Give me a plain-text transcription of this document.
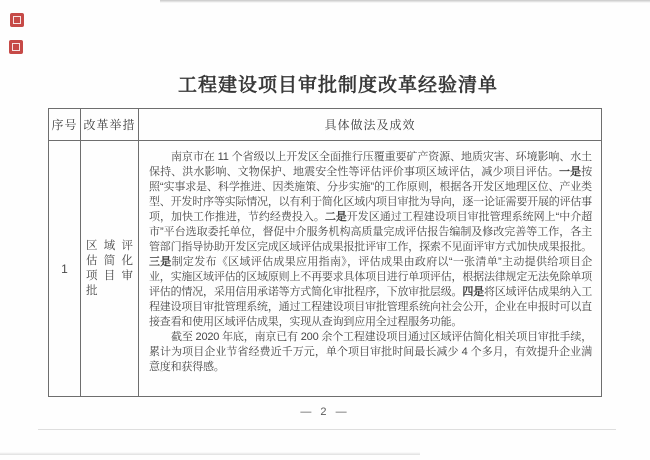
工程建设项目审批制度改革经验清单
序号	改革举措	具体做法及成效
1	区域评估简化项目审批	南京市在 11 个省级以上开发区全面推行压覆重要矿产资源、地质灾害、环境影响、水土保持、洪水影响、文物保护、地震安全性等评估评价事项区域评估，减少项目评估。一是按照“实事求是、科学推进、因类施策、分步实施”的工作原则，根据各开发区地理区位、产业类型、开发时序等实际情况，以有利于简化区域内项目审批为导向，逐一论证需要开展的评估事项，加快工作推进，节约经费投入。二是开发区通过工程建设项目审批管理系统网上“中介超市”平台选取委托单位，督促中介服务机构高质量完成评估报告编制及修改完善等工作，各主管部门指导协助开发区完成区域评估成果报批评审工作，探索不见面评审方式加快成果报批。三是制定发布《区域评估成果应用指南》，评估成果由政府以“一张清单”主动提供给项目企业，实施区域评估的区域原则上不再要求具体项目进行单项评估，根据法律规定无法免除单项评估的情况，采用信用承诺等方式简化审批程序，下放审批层级。四是将区域评估成果纳入工程建设项目审批管理系统，通过工程建设项目审批管理系统向社会公开，企业在申报时可以直接查看和使用区域评估成果，实现从查询到应用全过程服务功能。

截至 2020 年底，南京已有 200 余个工程建设项目通过区域评估简化相关项目审批手续，累计为项目企业节省经费近千万元，单个项目审批时间最长减少 4 个多月，有效提升企业满意度和获得感。

— 2 —
